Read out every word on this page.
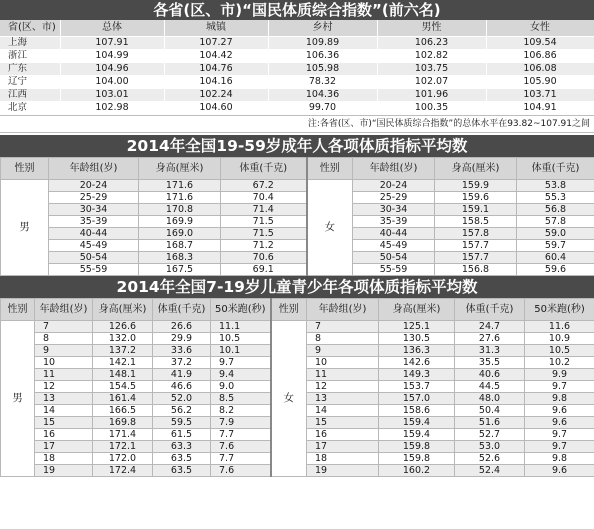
各省(区、市)“国民体质综合指数”(前六名)
省(区、市)	总体	城镇	乡村	男性	女性
上海	107.91	107.27	109.89	106.23	109.54
浙江	104.99	104.42	106.36	102.82	106.86
广东	104.96	104.76	105.98	103.75	106.08
辽宁	104.00	104.16	78.32	102.07	105.90
江西	103.01	102.24	104.36	101.96	103.71
北京	102.98	104.60	99.70	100.35	104.91
注:各省(区、市)“国民体质综合指数”的总体水平在93.82~107.91之间
2014年全国19-59岁成年人各项体质指标平均数
性别	年龄组(岁)	身高(厘米)	体重(千克)	性别	年龄组(岁)	身高(厘米)	体重(千克)
男	20-24	171.6	67.2	女	20-24	159.9	53.8
	25-29	171.6	70.4		25-29	159.6	55.3
	30-34	170.8	71.4		30-34	159.1	56.8
	35-39	169.9	71.5		35-39	158.5	57.8
	40-44	169.0	71.5		40-44	157.8	59.0
	45-49	168.7	71.2		45-49	157.7	59.7
	50-54	168.3	70.6		50-54	157.7	60.4
	55-59	167.5	69.1		55-59	156.8	59.6
2014年全国7-19岁儿童青少年各项体质指标平均数
性别	年龄组(岁)	身高(厘米)	体重(千克)	50米跑(秒)	性别	年龄组(岁)	身高(厘米)	体重(千克)	50米跑(秒)
男	7	126.6	26.6	11.1	女	7	125.1	24.7	11.6
	8	132.0	29.9	10.5		8	130.5	27.6	10.9
	9	137.2	33.6	10.1		9	136.3	31.3	10.5
	10	142.1	37.2	9.7		10	142.6	35.5	10.2
	11	148.1	41.9	9.4		11	149.3	40.6	9.9
	12	154.5	46.6	9.0		12	153.7	44.5	9.7
	13	161.4	52.0	8.5		13	157.0	48.0	9.8
	14	166.5	56.2	8.2		14	158.6	50.4	9.6
	15	169.8	59.5	7.9		15	159.4	51.6	9.6
	16	171.4	61.5	7.7		16	159.4	52.7	9.7
	17	172.1	63.3	7.6		17	159.8	53.0	9.7
	18	172.0	63.5	7.7		18	159.8	52.6	9.8
	19	172.4	63.5	7.6		19	160.2	52.4	9.6
